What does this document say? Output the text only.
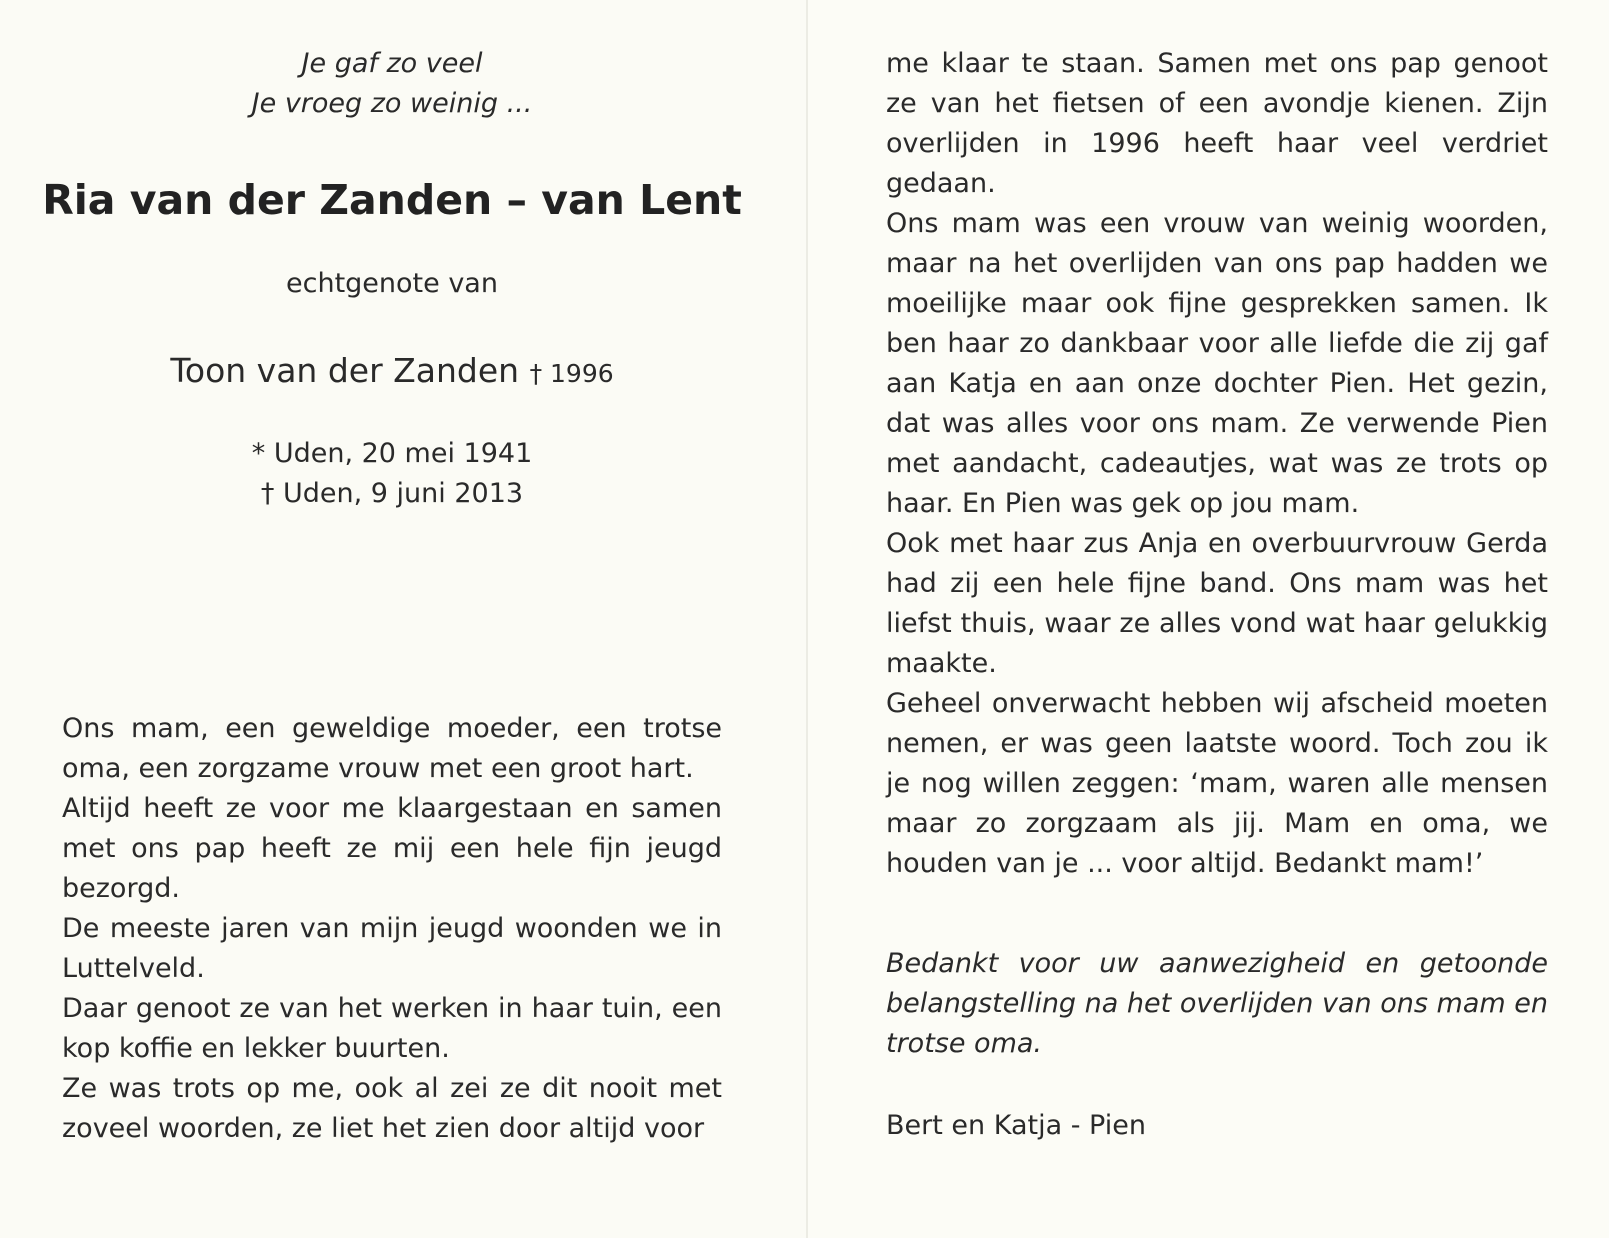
Je gaf zo veel
Je vroeg zo weinig ...
Ria van der Zanden – van Lent
echtgenote van
Toon van der Zanden † 1996
* Uden, 20 mei 1941
† Uden, 9 juni 2013

Ons mam, een geweldige moeder, een trotse oma, een zorgzame vrouw met een groot hart.

Altijd heeft ze voor me klaargestaan en samen met ons pap heeft ze mij een hele fijn jeugd bezorgd.

De meeste jaren van mijn jeugd woonden we in Luttelveld.

Daar genoot ze van het werken in haar tuin, een kop koffie en lekker buurten.

Ze was trots op me, ook al zei ze dit nooit met zoveel woorden, ze liet het zien door altijd voor

me klaar te staan. Samen met ons pap genoot ze van het fietsen of een avondje kienen. Zijn overlijden in 1996 heeft haar veel verdriet gedaan.

Ons mam was een vrouw van weinig woorden, maar na het overlijden van ons pap hadden we moeilijke maar ook fijne gesprekken samen. Ik ben haar zo dankbaar voor alle liefde die zij gaf aan Katja en aan onze dochter Pien. Het gezin, dat was alles voor ons mam. Ze verwende Pien met aandacht, cadeautjes, wat was ze trots op haar. En Pien was gek op jou mam.

Ook met haar zus Anja en overbuurvrouw Gerda had zij een hele fijne band. Ons mam was het liefst thuis, waar ze alles vond wat haar gelukkig maakte.

Geheel onverwacht hebben wij afscheid moeten nemen, er was geen laatste woord. Toch zou ik je nog willen zeggen: ‘mam, waren alle mensen maar zo zorgzaam als jij. Mam en oma, we houden van je ... voor altijd. Bedankt mam!’

Bedankt voor uw aanwezigheid en getoonde belangstelling na het overlijden van ons mam en trotse oma.

Bert en Katja - Pien
